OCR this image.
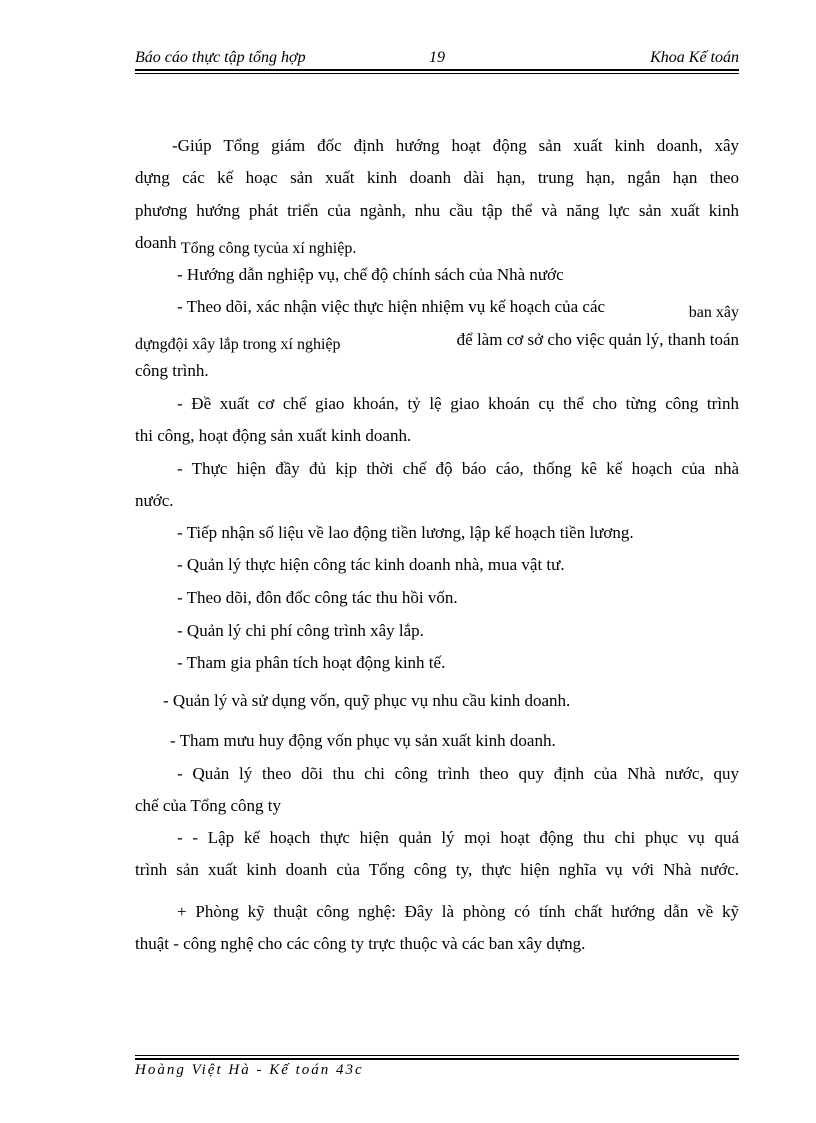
Báo cáo thực tập tổng hợp	19	Khoa Kế toán
-Giúp Tổng giám đốc định hướng hoạt động sản xuất kinh doanh, xây
dựng các kế hoạc sản xuất kinh doanh dài hạn, trung hạn, ngắn hạn theo
phương hướng phát triển của ngành, nhu cầu tập thể và năng lực sản xuất kinh
doanh Tổng công tycủa xí nghiệp.
- Hướng dẫn nghiệp vụ, chế độ chính sách của Nhà nước
- Theo dõi, xác nhận việc thực hiện nhiệm vụ kế hoạch của các	ban xây
dựngđội xây lắp trong xí nghiệp	để làm cơ sở cho việc quản lý, thanh toán
công trình.
- Đề xuất cơ chế giao khoán, tỷ lệ giao khoán cụ thể cho từng công trình
thi công, hoạt động sản xuất kinh doanh.
- Thực hiện đầy đủ kịp thời chế độ báo cáo, thống kê kế hoạch của nhà
nước.
- Tiếp nhận số liệu về lao động tiền lương, lập kế hoạch tiền lương.
- Quản lý thực hiện công tác kinh doanh nhà, mua vật tư.
- Theo dõi, đôn đốc công tác thu hồi vốn.
- Quản lý chi phí công trình xây lắp.
- Tham gia phân tích hoạt động kinh tế.
- Quản lý và sử dụng vốn, quỹ phục vụ nhu cầu kinh doanh.
- Tham mưu huy động vốn phục vụ sản xuất kinh doanh.
- Quản lý theo dõi thu chi công trình theo quy định của Nhà nước, quy
chế của Tổng công ty
- - Lập kế hoạch thực hiện quản lý mọi hoạt động thu chi phục vụ quá
trình sản xuất kinh doanh của Tổng công ty, thực hiện nghĩa vụ với Nhà nước.
+ Phòng kỹ thuật công nghệ: Đây là phòng có tính chất hướng dẫn về kỹ
thuật - công nghệ cho các công ty trực thuộc và các ban xây dựng.
Hoàng Việt Hà - Kế toán 43c
